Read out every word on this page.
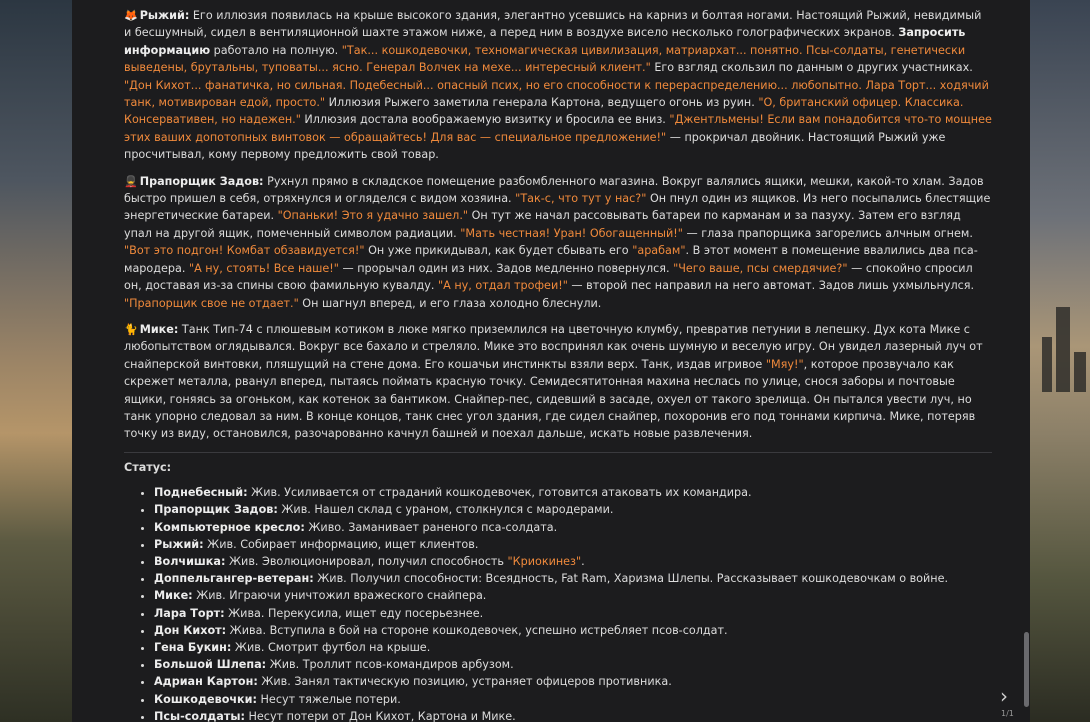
🦊 Рыжий: Его иллюзия появилась на крыше высокого здания, элегантно усевшись на карниз и болтая ногами. Настоящий Рыжий, невидимый и бесшумный, сидел в вентиляционной шахте этажом ниже, а перед ним в воздухе висело несколько голографических экранов. Запросить информацию работало на полную. "Так... кошкодевочки, техномагическая цивилизация, матриархат... понятно. Псы-солдаты, генетически выведены, брутальны, туповаты... ясно. Генерал Волчек на мехе... интересный клиент." Его взгляд скользил по данным о других участниках. "Дон Кихот... фанатичка, но сильная. Подебесный... опасный псих, но его способности к перераспределению... любопытно. Лара Торт... ходячий танк, мотивирован едой, просто." Иллюзия Рыжего заметила генерала Картона, ведущего огонь из руин. "О, британский офицер. Классика. Консервативен, но надежен." Иллюзия достала воображаемую визитку и бросила ее вниз. "Джентльмены! Если вам понадобится что-то мощнее этих ваших допотопных винтовок — обращайтесь! Для вас — специальное предложение!" — прокричал двойник. Настоящий Рыжий уже просчитывал, кому первому предложить свой товар.

💂 Прапорщик Задов: Рухнул прямо в складское помещение разбомбленного магазина. Вокруг валялись ящики, мешки, какой-то хлам. Задов быстро пришел в себя, отряхнулся и огляделся с видом хозяина. "Так-с, что тут у нас?" Он пнул один из ящиков. Из него посыпались блестящие энергетические батареи. "Опаньки! Это я удачно зашел." Он тут же начал рассовывать батареи по карманам и за пазуху. Затем его взгляд упал на другой ящик, помеченный символом радиации. "Мать честная! Уран! Обогащенный!" — глаза прапорщика загорелись алчным огнем. "Вот это подгон! Комбат обзавидуется!" Он уже прикидывал, как будет сбывать его "арабам". В этот момент в помещение ввалились два пса-мародера. "А ну, стоять! Все наше!" — прорычал один из них. Задов медленно повернулся. "Чего ваше, псы смердячие?" — спокойно спросил он, доставая из-за спины свою фамильную кувалду. "А ну, отдал трофеи!" — второй пес направил на него автомат. Задов лишь ухмыльнулся. "Прапорщик свое не отдает." Он шагнул вперед, и его глаза холодно блеснули.

🐈 Мике: Танк Тип-74 с плюшевым котиком в люке мягко приземлился на цветочную клумбу, превратив петунии в лепешку. Дух кота Мике с любопытством оглядывался. Вокруг все бахало и стреляло. Мике это воспринял как очень шумную и веселую игру. Он увидел лазерный луч от снайперской винтовки, пляшущий на стене дома. Его кошачьи инстинкты взяли верх. Танк, издав игривое "Мяу!", которое прозвучало как скрежет металла, рванул вперед, пытаясь поймать красную точку. Семидесятитонная махина неслась по улице, снося заборы и почтовые ящики, гоняясь за огоньком, как котенок за бантиком. Снайпер-пес, сидевший в засаде, охуел от такого зрелища. Он пытался увести луч, но танк упорно следовал за ним. В конце концов, танк снес угол здания, где сидел снайпер, похоронив его под тоннами кирпича. Мике, потеряв точку из виду, остановился, разочарованно качнул башней и поехал дальше, искать новые развлечения.

Статус:
• Поднебесный: Жив. Усиливается от страданий кошкодевочек, готовится атаковать их командира.
• Прапорщик Задов: Жив. Нашел склад с ураном, столкнулся с мародерами.
• Компьютерное кресло: Живо. Заманивает раненого пса-солдата.
• Рыжий: Жив. Собирает информацию, ищет клиентов.
• Волчишка: Жив. Эволюционировал, получил способность "Криокинез".
• Доппельгангер-ветеран: Жив. Получил способности: Всеядность, Fat Ram, Харизма Шлепы. Рассказывает кошкодевочкам о войне.
• Мике: Жив. Играючи уничтожил вражеского снайпера.
• Лара Торт: Жива. Перекусила, ищет еду посерьезнее.
• Дон Кихот: Жива. Вступила в бой на стороне кошкодевочек, успешно истребляет псов-солдат.
• Гена Букин: Жив. Смотрит футбол на крыше.
• Большой Шлепа: Жив. Троллит псов-командиров арбузом.
• Адриан Картон: Жив. Занял тактическую позицию, устраняет офицеров противника.
• Кошкодевочки: Несут тяжелые потери.
• Псы-солдаты: Несут потери от Дон Кихот, Картона и Мике.
›
1/1
